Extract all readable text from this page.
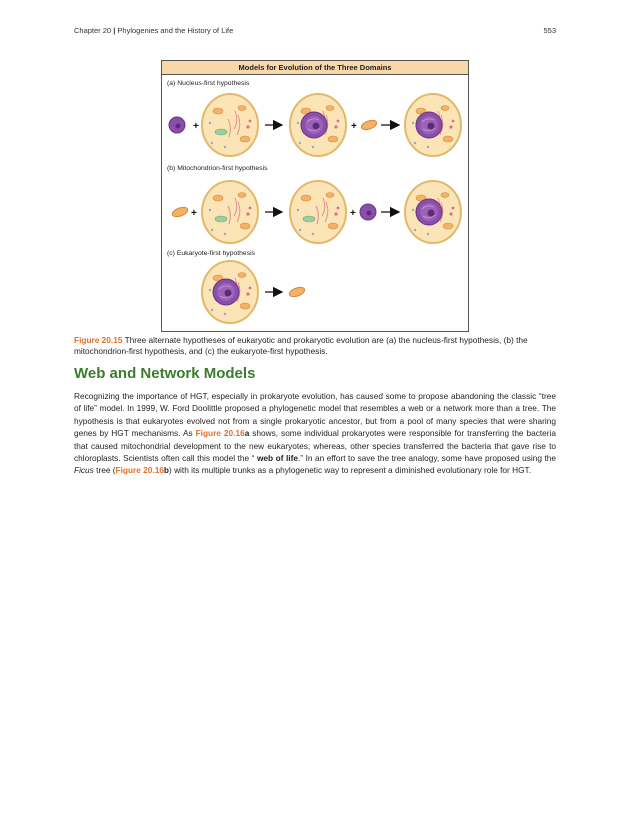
Chapter 20 | Phylogenies and the History of Life	553
Models for Evolution of the Three Domains
(a) Nucleus-first hypothesis
(b) Mitochondrion-first hypothesis
(c) Eukaryote-first hypothesis
+	+
+	+
Figure 20.15 Three alternate hypotheses of eukaryotic and prokaryotic evolution are (a) the nucleus-first hypothesis, (b) the mitochondrion-first hypothesis, and (c) the eukaryote-first hypothesis.
Web and Network Models

Recognizing the importance of HGT, especially in prokaryote evolution, has caused some to propose abandoning the classic “tree of life” model. In 1999, W. Ford Doolittle proposed a phylogenetic model that resembles a web or a network more than a tree. The hypothesis is that eukaryotes evolved not from a single prokaryotic ancestor, but from a pool of many species that were sharing genes by HGT mechanisms. As Figure 20.16a shows, some individual prokaryotes were responsible for transferring the bacteria that caused mitochondrial development to the new eukaryotes; whereas, other species transferred the bacteria that gave rise to chloroplasts. Scientists often call this model the “ web of life.” In an effort to save the tree analogy, some have proposed using the Ficus tree (Figure 20.16b) with its multiple trunks as a phylogenetic way to represent a diminished evolutionary role for HGT.
